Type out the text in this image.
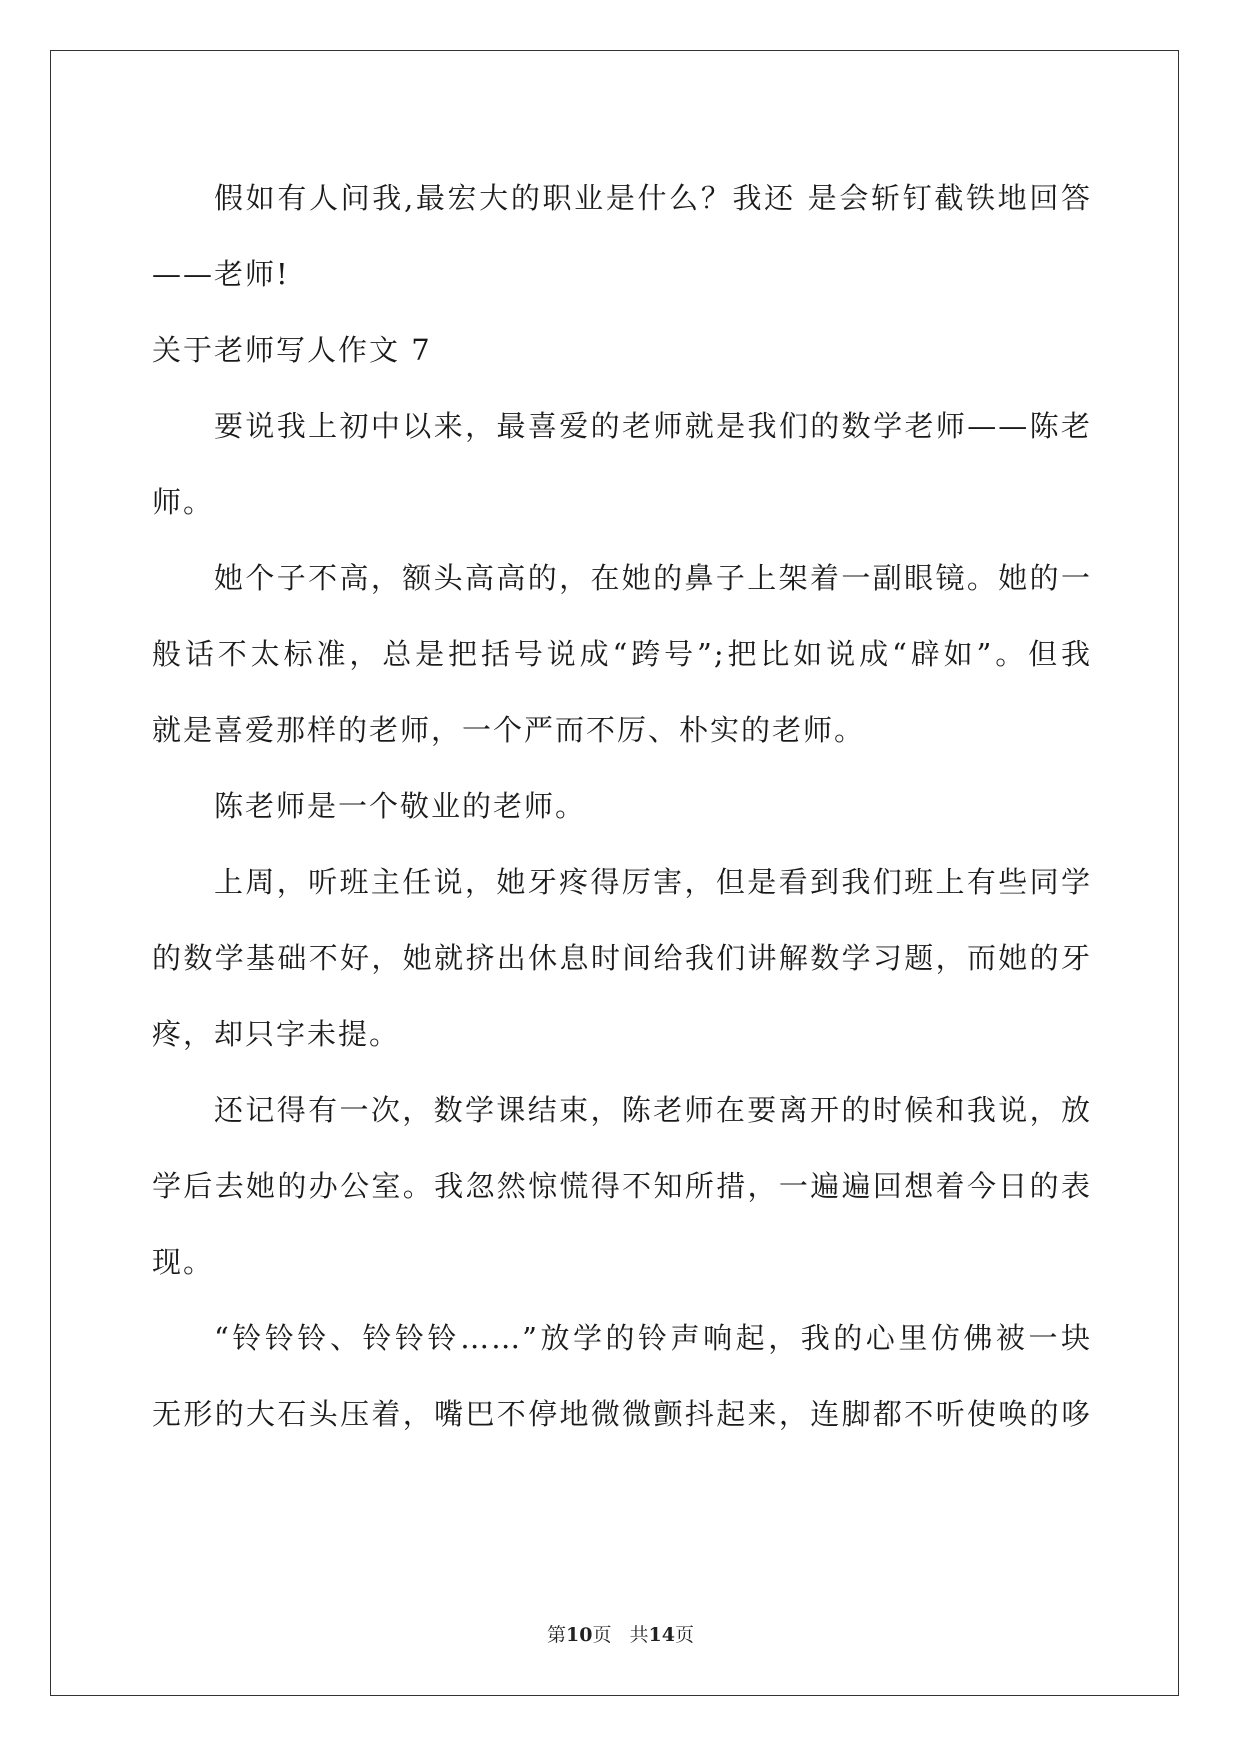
假如有人问我,最宏大的职业是什么？我还 是会斩钉截铁地回答
——老师!

关于老师写人作文 7

要说我上初中以来，最喜爱的老师就是我们的数学老师——陈老
师。

她个子不高，额头高高的，在她的鼻子上架着一副眼镜。她的一
般话不太标准，总是把括号说成“跨号”;把比如说成“辟如”。但我
就是喜爱那样的老师，一个严而不厉、朴实的老师。

陈老师是一个敬业的老师。

上周，听班主任说，她牙疼得厉害，但是看到我们班上有些同学
的数学基础不好，她就挤出休息时间给我们讲解数学习题，而她的牙
疼，却只字未提。

还记得有一次，数学课结束，陈老师在要离开的时候和我说，放
学后去她的办公室。我忽然惊慌得不知所措，一遍遍回想着今日的表
现。

“铃铃铃、铃铃铃……”放学的铃声响起，我的心里仿佛被一块
无形的大石头压着，嘴巴不停地微微颤抖起来，连脚都不听使唤的哆

第10页 共14页
